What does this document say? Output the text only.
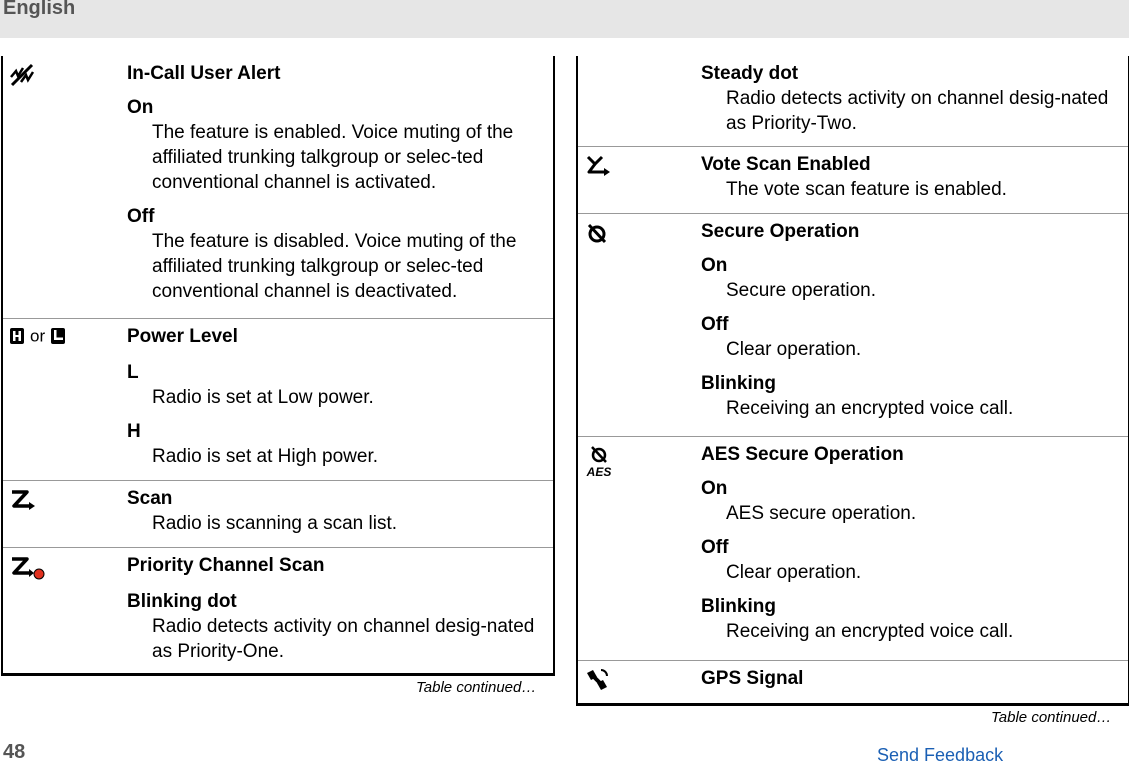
English
In-Call User Alert
On
The feature is enabled. Voice muting of the affiliated trunking talkgroup or selec-ted conventional channel is activated.
Off
The feature is disabled. Voice muting of the affiliated trunking talkgroup or selec-ted conventional channel is deactivated.
or	Power Level
L
Radio is set at Low power.
H
Radio is set at High power.
Scan
Radio is scanning a scan list.
Priority Channel Scan
Blinking dot
Radio detects activity on channel desig-nated as Priority-One.
Table continued…
Steady dot
Radio detects activity on channel desig-nated as Priority-Two.
Vote Scan Enabled
The vote scan feature is enabled.
Secure Operation
On
Secure operation.
Off
Clear operation.
Blinking
Receiving an encrypted voice call.
AES
AES Secure Operation
On
AES secure operation.
Off
Clear operation.
Blinking
Receiving an encrypted voice call.
GPS Signal
Table continued…
48	Send Feedback
